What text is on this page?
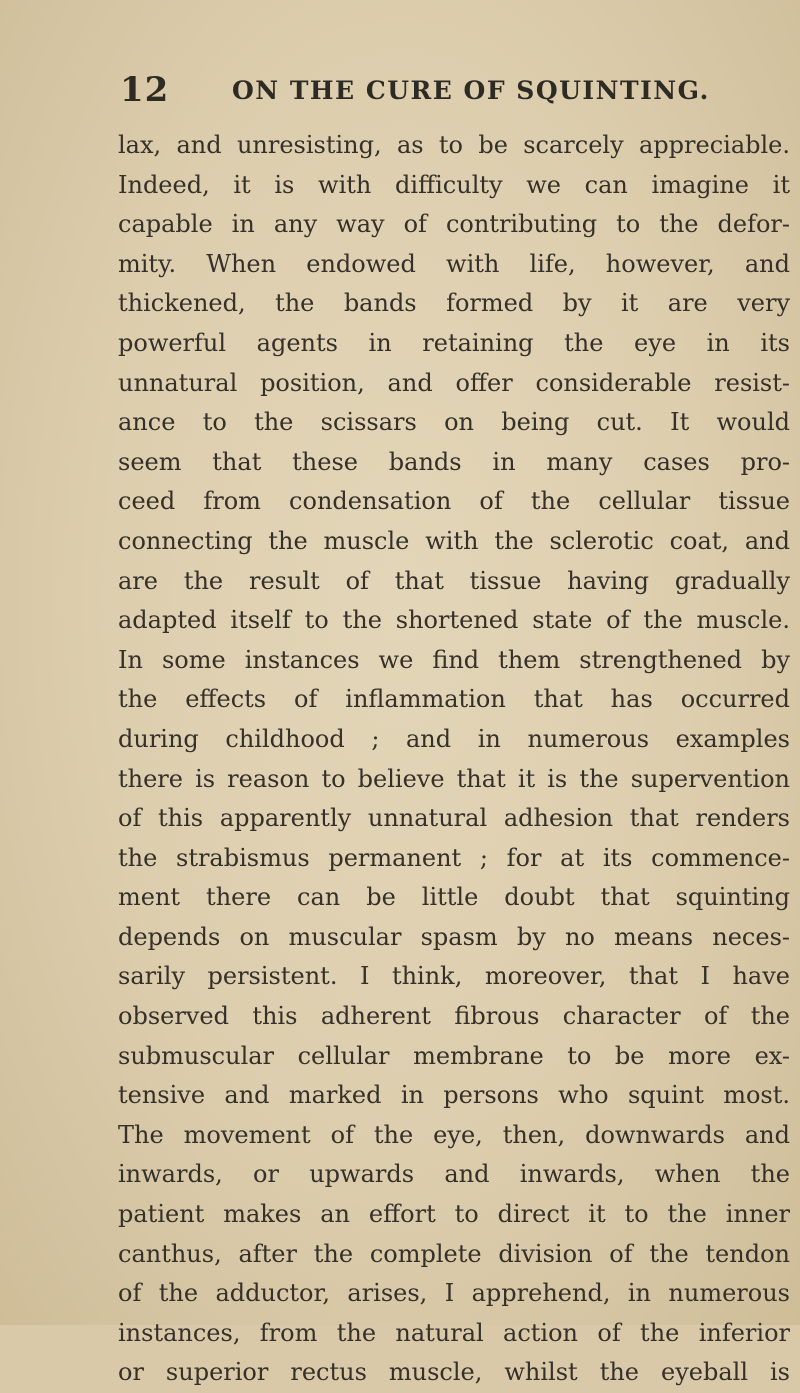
12	ON THE CURE OF SQUINTING.
lax, and unresisting, as to be scarcely appreciable.
Indeed, it is with difficulty we can imagine it
capable in any way of contributing to the defor-
mity. When endowed with life, however, and
thickened, the bands formed by it are very
powerful agents in retaining the eye in its
unnatural position, and offer considerable resist-
ance to the scissars on being cut. It would
seem that these bands in many cases pro-
ceed from condensation of the cellular tissue
connecting the muscle with the sclerotic coat, and
are the result of that tissue having gradually
adapted itself to the shortened state of the muscle.
In some instances we find them strengthened by
the effects of inflammation that has occurred
during childhood ; and in numerous examples
there is reason to believe that it is the supervention
of this apparently unnatural adhesion that renders
the strabismus permanent ; for at its commence-
ment there can be little doubt that squinting
depends on muscular spasm by no means neces-
sarily persistent. I think, moreover, that I have
observed this adherent fibrous character of the
submuscular cellular membrane to be more ex-
tensive and marked in persons who squint most.
The movement of the eye, then, downwards and
inwards, or upwards and inwards, when the
patient makes an effort to direct it to the inner
canthus, after the complete division of the tendon
of the adductor, arises, I apprehend, in numerous
instances, from the natural action of the inferior
or superior rectus muscle, whilst the eyeball is
